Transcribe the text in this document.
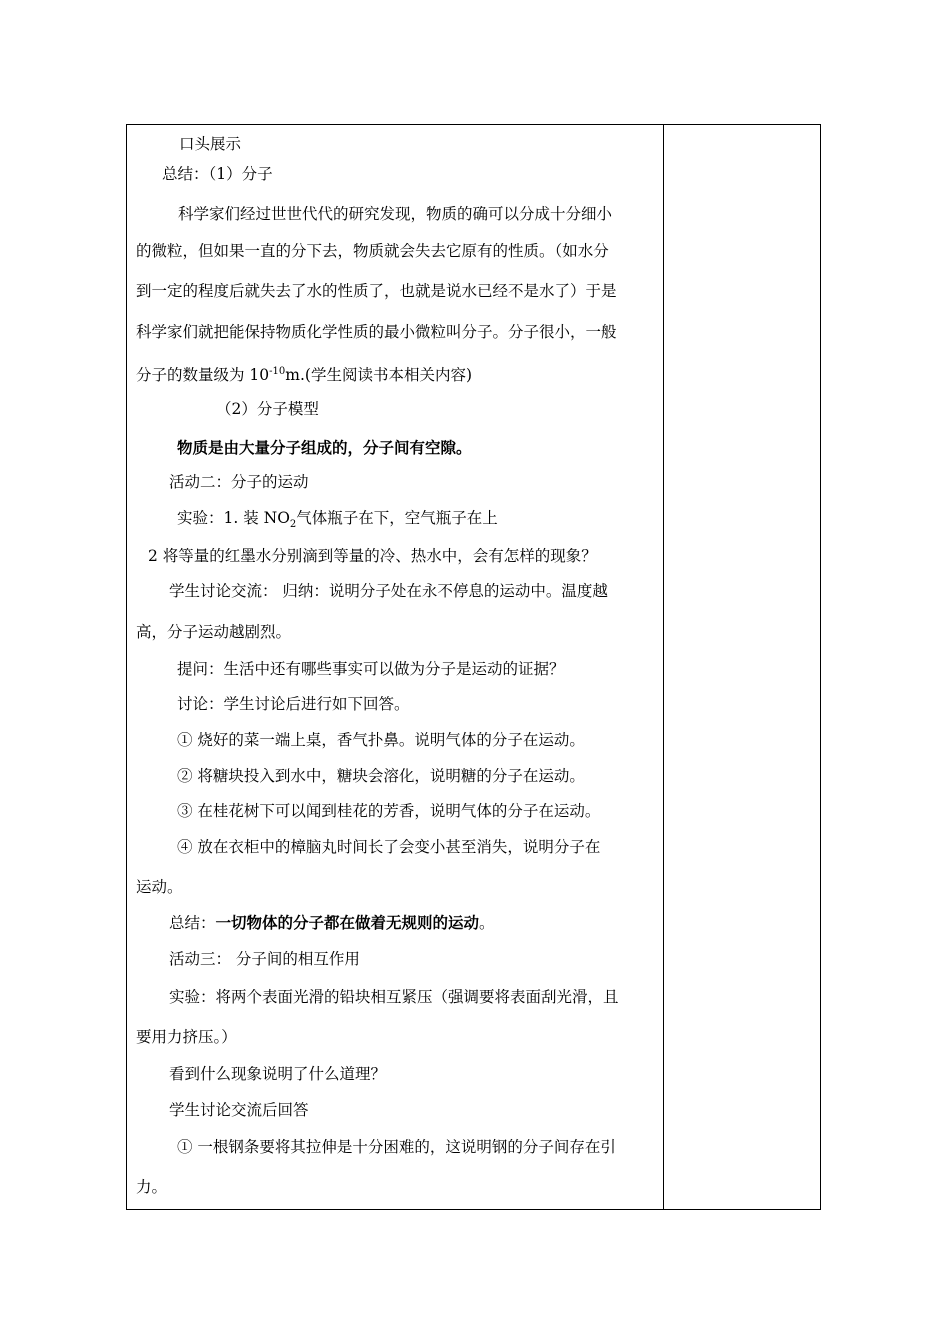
口头展示
总结：（1）分子
科学家们经过世世代代的研究发现，物质的确可以分成十分细小
的微粒，但如果一直的分下去，物质就会失去它原有的性质。（如水分
到一定的程度后就失去了水的性质了，也就是说水已经不是水了）于是
科学家们就把能保持物质化学性质的最小微粒叫分子。分子很小，一般
分子的数量级为 $10^{-10}m$.(学生阅读书本相关内容)
（2）分子模型
物质是由大量分子组成的，分子间有空隙。
活动二：分子的运动
实验：1. 装 $NO_2$气体瓶子在下，空气瓶子在上
2 将等量的红墨水分别滴到等量的冷、热水中，会有怎样的现象？
学生讨论交流： 归纳：说明分子处在永不停息的运动中。温度越
高，分子运动越剧烈。
提问：生活中还有哪些事实可以做为分子是运动的证据？
讨论：学生讨论后进行如下回答。
① 烧好的菜一端上桌，香气扑鼻。说明气体的分子在运动。
② 将糖块投入到水中，糖块会溶化，说明糖的分子在运动。
③ 在桂花树下可以闻到桂花的芳香，说明气体的分子在运动。
④ 放在衣柜中的樟脑丸时间长了会变小甚至消失，说明分子在
运动。
总结：一切物体的分子都在做着无规则的运动。
活动三： 分子间的相互作用
实验：将两个表面光滑的铅块相互紧压（强调要将表面刮光滑，且
要用力挤压。）
看到什么现象说明了什么道理？
学生讨论交流后回答
① 一根钢条要将其拉伸是十分困难的，这说明钢的分子间存在引
力。
